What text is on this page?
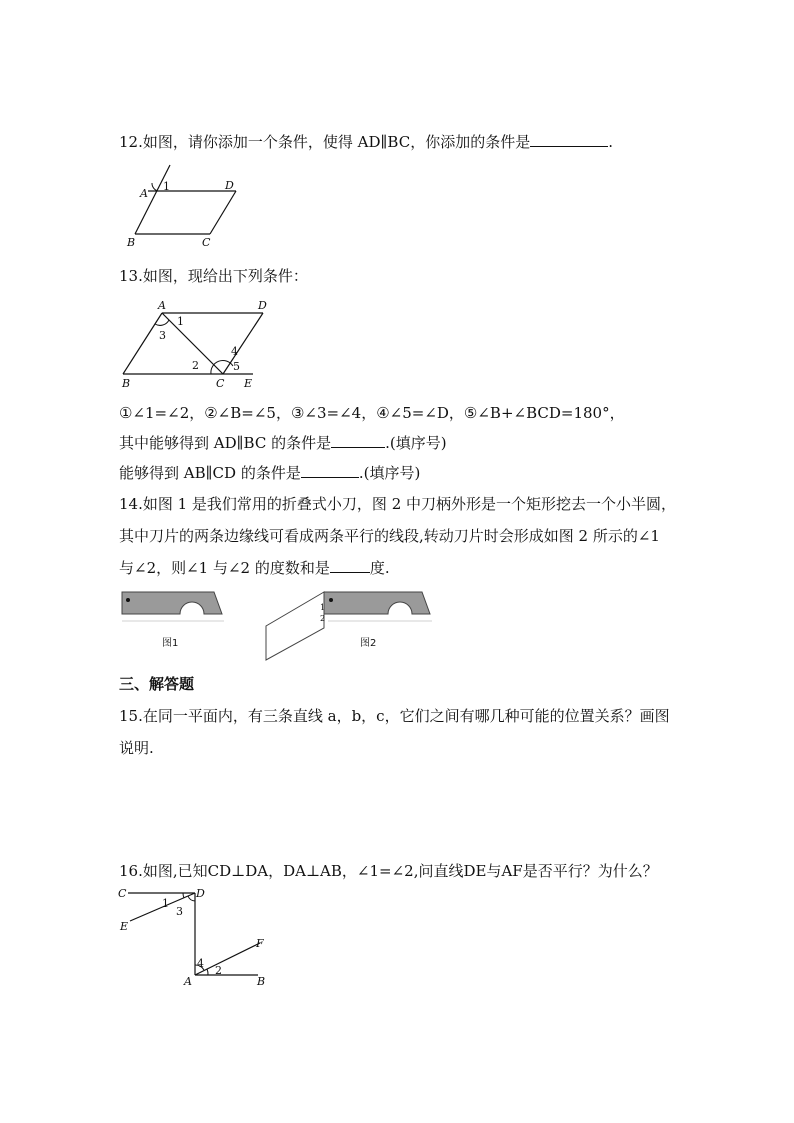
12.如图，请你添加一个条件，使得 AD∥BC，你添加的条件是	.
A
D
B	C
1
13.如图，现给出下列条件：
A	D
B	C E
1
3
2
4
5
①∠1=∠2，②∠B=∠5，③∠3=∠4，④∠5=∠D，⑤∠B+∠BCD=180°，
其中能够得到 AD∥BC 的条件是	.(填序号)
能够得到 AB∥CD 的条件是	.(填序号)
14.如图 1 是我们常用的折叠式小刀，图 2 中刀柄外形是一个矩形挖去一个小半圆，
其中刀片的两条边缘线可看成两条平行的线段,转动刀片时会形成如图 2 所示的∠1
与∠2，则∠1 与∠2 的度数和是	度.
图1
1
2
图2
三、解答题
15.在同一平面内，有三条直线 a，b，c，它们之间有哪几种可能的位置关系？画图
说明.
16.如图,已知CD⊥DA，DA⊥AB，∠1=∠2,问直线DE与AF是否平行？为什么？
C	D
E
F
A	B
1
3
4
2
